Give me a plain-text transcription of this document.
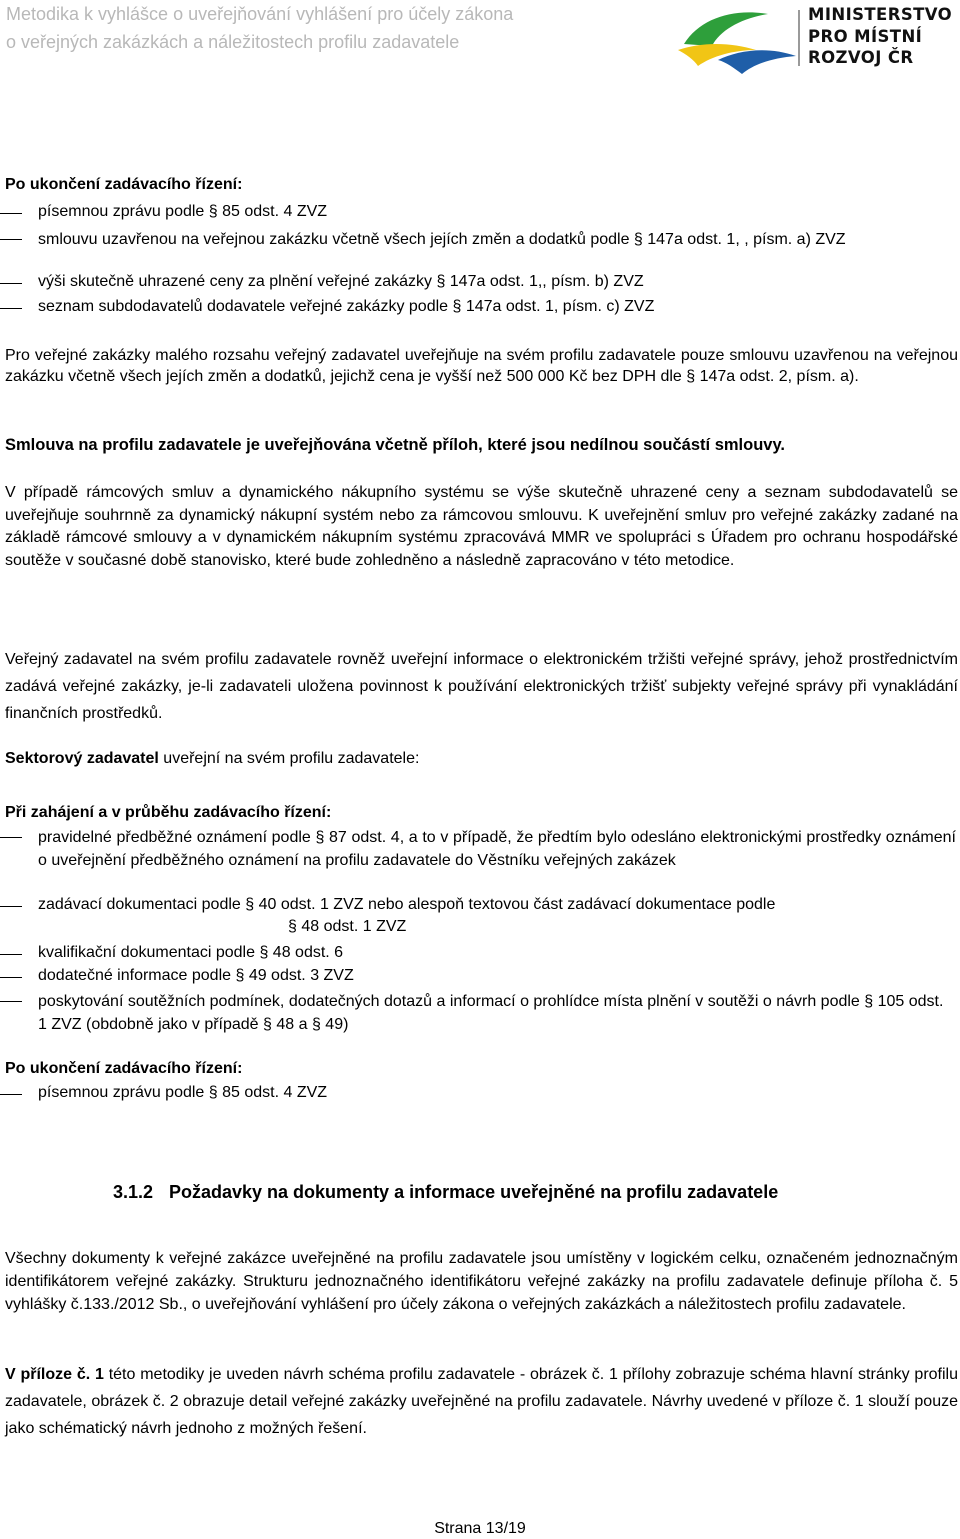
Metodika k vyhlášce o uveřejňování vyhlášení pro účely zákona
o veřejných zakázkách a náležitostech profilu zadavatele
MINISTERSTVO
PRO MÍSTNÍ
ROZVOJ ČR
Po ukončení zadávacího řízení:
písemnou zprávu podle § 85 odst. 4 ZVZ
smlouvu uzavřenou na veřejnou zakázku včetně všech jejích změn a dodatků podle § 147a odst. 1, , písm. a) ZVZ
výši skutečně uhrazené ceny za plnění veřejné zakázky § 147a odst. 1,, písm. b) ZVZ
seznam subdodavatelů dodavatele veřejné zakázky podle § 147a odst. 1, písm. c) ZVZ
Pro veřejné zakázky malého rozsahu veřejný zadavatel uveřejňuje na svém profilu zadavatele pouze smlouvu uzavřenou na veřejnou zakázku včetně všech jejích změn a dodatků, jejichž cena je vyšší než 500 000 Kč bez DPH dle § 147a odst. 2, písm. a).
Smlouva na profilu zadavatele je uveřejňována včetně příloh, které jsou nedílnou součástí smlouvy.
V případě rámcových smluv a dynamického nákupního systému se výše skutečně uhrazené ceny a seznam subdodavatelů se uveřejňuje souhrnně za dynamický nákupní systém nebo za rámcovou smlouvu. K uveřejnění smluv pro veřejné zakázky zadané na základě rámcové smlouvy a v dynamickém nákupním systému zpracovává MMR ve spolupráci s Úřadem pro ochranu hospodářské soutěže v současné době stanovisko, které bude zohledněno a následně zapracováno v této metodice.
Veřejný zadavatel na svém profilu zadavatele rovněž uveřejní informace o elektronickém tržišti veřejné správy, jehož prostřednictvím zadává veřejné zakázky, je-li zadavateli uložena povinnost k používání elektronických tržišť subjekty veřejné správy při vynakládání finančních prostředků.
Sektorový zadavatel uveřejní na svém profilu zadavatele:
Při zahájení a v průběhu zadávacího řízení:
pravidelné předběžné oznámení podle § 87 odst. 4, a to v případě, že předtím bylo odesláno elektronickými prostředky oznámení o uveřejnění předběžného oznámení na profilu zadavatele do Věstníku veřejných zakázek
zadávací dokumentaci podle § 40 odst. 1 ZVZ nebo alespoň textovou část zadávací dokumentace podle
§ 48 odst. 1 ZVZ
kvalifikační dokumentaci podle § 48 odst. 6
dodatečné informace podle § 49 odst. 3 ZVZ
poskytování soutěžních podmínek, dodatečných dotazů a informací o prohlídce místa plnění v soutěži o návrh podle § 105 odst. 1 ZVZ (obdobně jako v případě § 48 a § 49)
Po ukončení zadávacího řízení:
písemnou zprávu podle § 85 odst. 4 ZVZ
3.1.2 Požadavky na dokumenty a informace uveřejněné na profilu zadavatele
Všechny dokumenty k veřejné zakázce uveřejněné na profilu zadavatele jsou umístěny v logickém celku, označeném jednoznačným identifikátorem veřejné zakázky. Strukturu jednoznačného identifikátoru veřejné zakázky na profilu zadavatele definuje příloha č. 5 vyhlášky č.133./2012 Sb., o uveřejňování vyhlášení pro účely zákona o veřejných zakázkách a náležitostech profilu zadavatele.
V příloze č. 1 této metodiky je uveden návrh schéma profilu zadavatele - obrázek č. 1 přílohy zobrazuje schéma hlavní stránky profilu zadavatele, obrázek č. 2 obrazuje detail veřejné zakázky uveřejněné na profilu zadavatele. Návrhy uvedené v příloze č. 1 slouží pouze jako schématický návrh jednoho z možných řešení.
Strana 13/19
